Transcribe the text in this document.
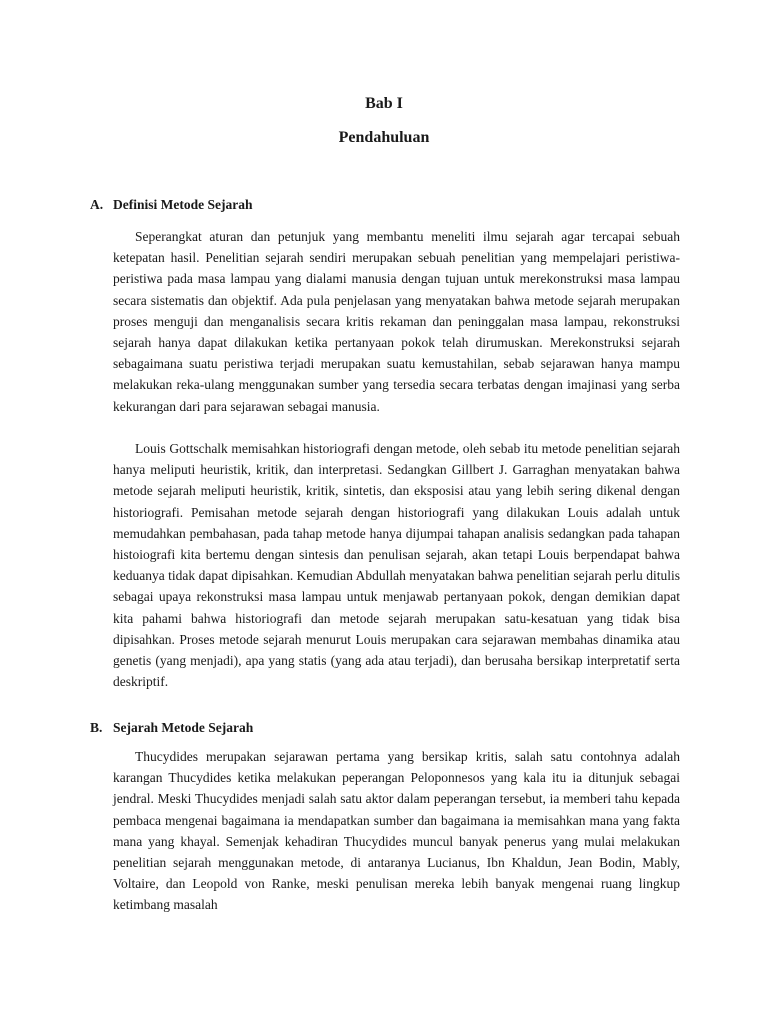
Bab I
Pendahuluan
A. Definisi Metode Sejarah

Seperangkat aturan dan petunjuk yang membantu meneliti ilmu sejarah agar tercapai sebuah ketepatan hasil. Penelitian sejarah sendiri merupakan sebuah penelitian yang mempelajari peristiwa-peristiwa pada masa lampau yang dialami manusia dengan tujuan untuk merekonstruksi masa lampau secara sistematis dan objektif. Ada pula penjelasan yang menyatakan bahwa metode sejarah merupakan proses menguji dan menganalisis secara kritis rekaman dan peninggalan masa lampau, rekonstruksi sejarah hanya dapat dilakukan ketika pertanyaan pokok telah dirumuskan. Merekonstruksi sejarah sebagaimana suatu peristiwa terjadi merupakan suatu kemustahilan, sebab sejarawan hanya mampu melakukan reka-ulang menggunakan sumber yang tersedia secara terbatas dengan imajinasi yang serba kekurangan dari para sejarawan sebagai manusia.

Louis Gottschalk memisahkan historiografi dengan metode, oleh sebab itu metode penelitian sejarah hanya meliputi heuristik, kritik, dan interpretasi. Sedangkan Gillbert J. Garraghan menyatakan bahwa metode sejarah meliputi heuristik, kritik, sintetis, dan eksposisi atau yang lebih sering dikenal dengan historiografi. Pemisahan metode sejarah dengan historiografi yang dilakukan Louis adalah untuk memudahkan pembahasan, pada tahap metode hanya dijumpai tahapan analisis sedangkan pada tahapan histoiografi kita bertemu dengan sintesis dan penulisan sejarah, akan tetapi Louis berpendapat bahwa keduanya tidak dapat dipisahkan. Kemudian Abdullah menyatakan bahwa penelitian sejarah perlu ditulis sebagai upaya rekonstruksi masa lampau untuk menjawab pertanyaan pokok, dengan demikian dapat kita pahami bahwa historiografi dan metode sejarah merupakan satu-kesatuan yang tidak bisa dipisahkan. Proses metode sejarah menurut Louis merupakan cara sejarawan membahas dinamika atau genetis (yang menjadi), apa yang statis (yang ada atau terjadi), dan berusaha bersikap interpretatif serta deskriptif.

B. Sejarah Metode Sejarah

Thucydides merupakan sejarawan pertama yang bersikap kritis, salah satu contohnya adalah karangan Thucydides ketika melakukan peperangan Peloponnesos yang kala itu ia ditunjuk sebagai jendral. Meski Thucydides menjadi salah satu aktor dalam peperangan tersebut, ia memberi tahu kepada pembaca mengenai bagaimana ia mendapatkan sumber dan bagaimana ia memisahkan mana yang fakta mana yang khayal. Semenjak kehadiran Thucydides muncul banyak penerus yang mulai melakukan penelitian sejarah menggunakan metode, di antaranya Lucianus, Ibn Khaldun, Jean Bodin, Mably, Voltaire, dan Leopold von Ranke, meski penulisan mereka lebih banyak mengenai ruang lingkup ketimbang masalah
